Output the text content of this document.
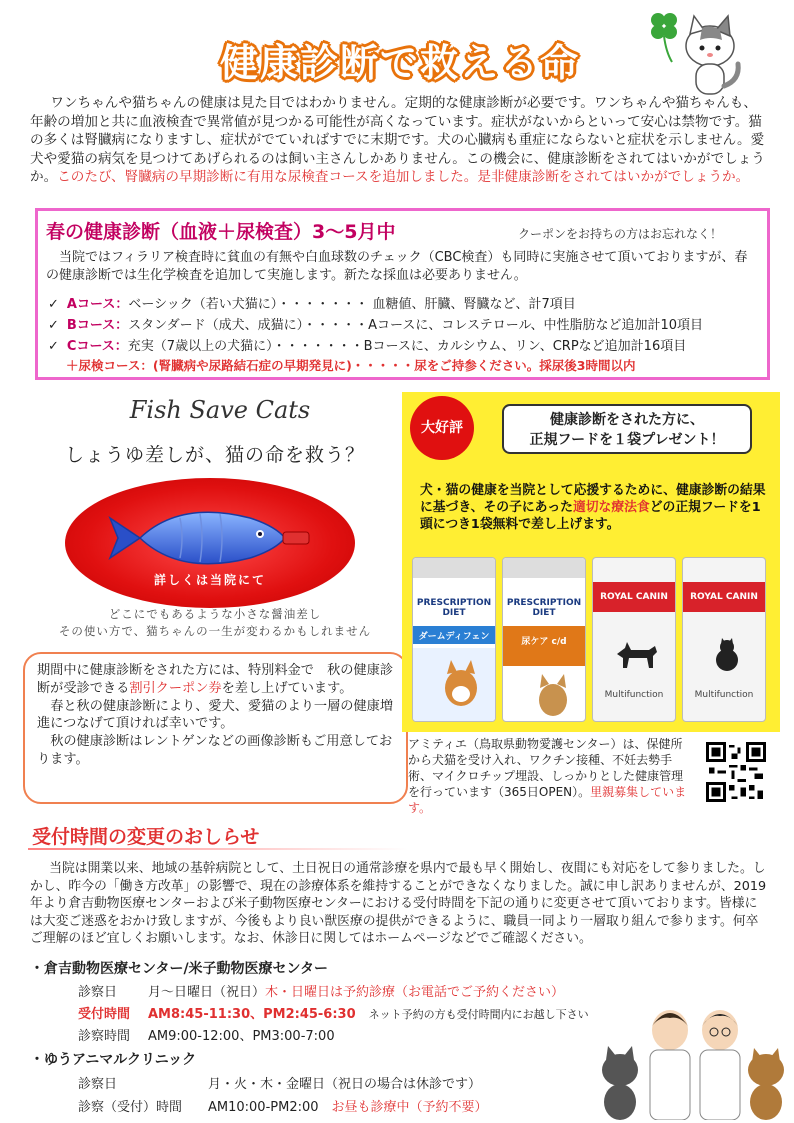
健康診断で救える命
ワンちゃんや猫ちゃんの健康は見た目ではわかりません。定期的な健康診断が必要です。ワンちゃんや猫ちゃんも、年齢の増加と共に血液検査で異常値が見つかる可能性が高くなっています。症状がないからといって安心は禁物です。猫の多くは腎臓病になりますし、症状がでていればすでに末期です。犬の心臓病も重症にならないと症状を示しません。愛犬や愛猫の病気を見つけてあげられるのは飼い主さんしかありません。この機会に、健康診断をされてはいかがでしょうか。このたび、腎臓病の早期診断に有用な尿検査コースを追加しました。是非健康診断をされてはいかがでしょうか。
春の健康診断（血液＋尿検査）3～5月中	クーポンをお持ちの方はお忘れなく！
当院ではフィラリア検査時に貧血の有無や白血球数のチェック（CBC検査）も同時に実施させて頂いておりますが、春の健康診断では生化学検査を追加して実施します。新たな採血は必要ありません。
✓ Aコース：ベーシック（若い犬猫に）・・・・・・・ 血糖値、肝臓、腎臓など、計7項目
✓ Bコース：スタンダード（成犬、成猫に）・・・・・Aコースに、コレステロール、中性脂肪など追加計10項目
✓ Cコース：充実（7歳以上の犬猫に）・・・・・・・Bコースに、カルシウム、リン、CRPなど追加計16項目
＋尿検コース：(腎臓病や尿路結石症の早期発見に)・・・・・尿をご持参ください。採尿後3時間以内
Fish Save Cats
しょうゆ差しが、猫の命を救う？
詳しくは当院にて
どこにでもあるような小さな醤油差し
その使い方で、猫ちゃんの一生が変わるかもしれません
期間中に健康診断をされた方には、特別料金で　秋の健康診断が受診できる割引クーポン券を差し上げています。
春と秋の健康診断により、愛犬、愛猫のより一層の健康増進につなげて頂ければ幸いです。
秋の健康診断はレントゲンなどの画像診断もご用意しております。
大好評	健康診断をされた方に、
正規フードを１袋プレゼント！
犬・猫の健康を当院として応援するために、健康診断の結果に基づき、その子にあった適切な療法食どの正規フードを1頭につき1袋無料で差し上げます。
PRESCRIPTION DIET
ダームディフェン
PRESCRIPTION DIET
尿ケア c/d
ROYAL CANIN
Multifunction
ROYAL CANIN
Multifunction
アミティエ（鳥取県動物愛護センター）は、保健所から犬猫を受け入れ、ワクチン接種、不妊去勢手術、マイクロチップ埋設、しっかりとした健康管理を行っています（365日OPEN）。里親募集しています。
受付時間の変更のおしらせ
当院は開業以来、地域の基幹病院として、土日祝日の通常診療を県内で最も早く開始し、夜間にも対応をして参りました。しかし、昨今の「働き方改革」の影響で、現在の診療体系を維持することができなくなりました。誠に申し訳ありませんが、2019年より倉吉動物医療センターおよび米子動物医療センターにおける受付時間を下記の通りに変更させて頂いております。皆様には大変ご迷惑をおかけ致しますが、今後もより良い獣医療の提供ができるように、職員一同より一層取り組んで参ります。何卒ご理解のほど宜しくお願いします。なお、休診日に関してはホームページなどでご確認ください。
・倉吉動物医療センター/米子動物医療センター
診察日 月～日曜日（祝日）木・日曜日は予約診療（お電話でご予約ください）
受付時間 AM8:45-11:30、PM2:45-6:30　 ネット予約の方も受付時間内にお越し下さい
診察時間 AM9:00-12:00、PM3:00-7:00
・ゆうアニマルクリニック
診察日	月・火・木・金曜日（祝日の場合は休診です）
診察（受付）時間 AM10:00-PM2:00　 お昼も診療中（予約不要）
